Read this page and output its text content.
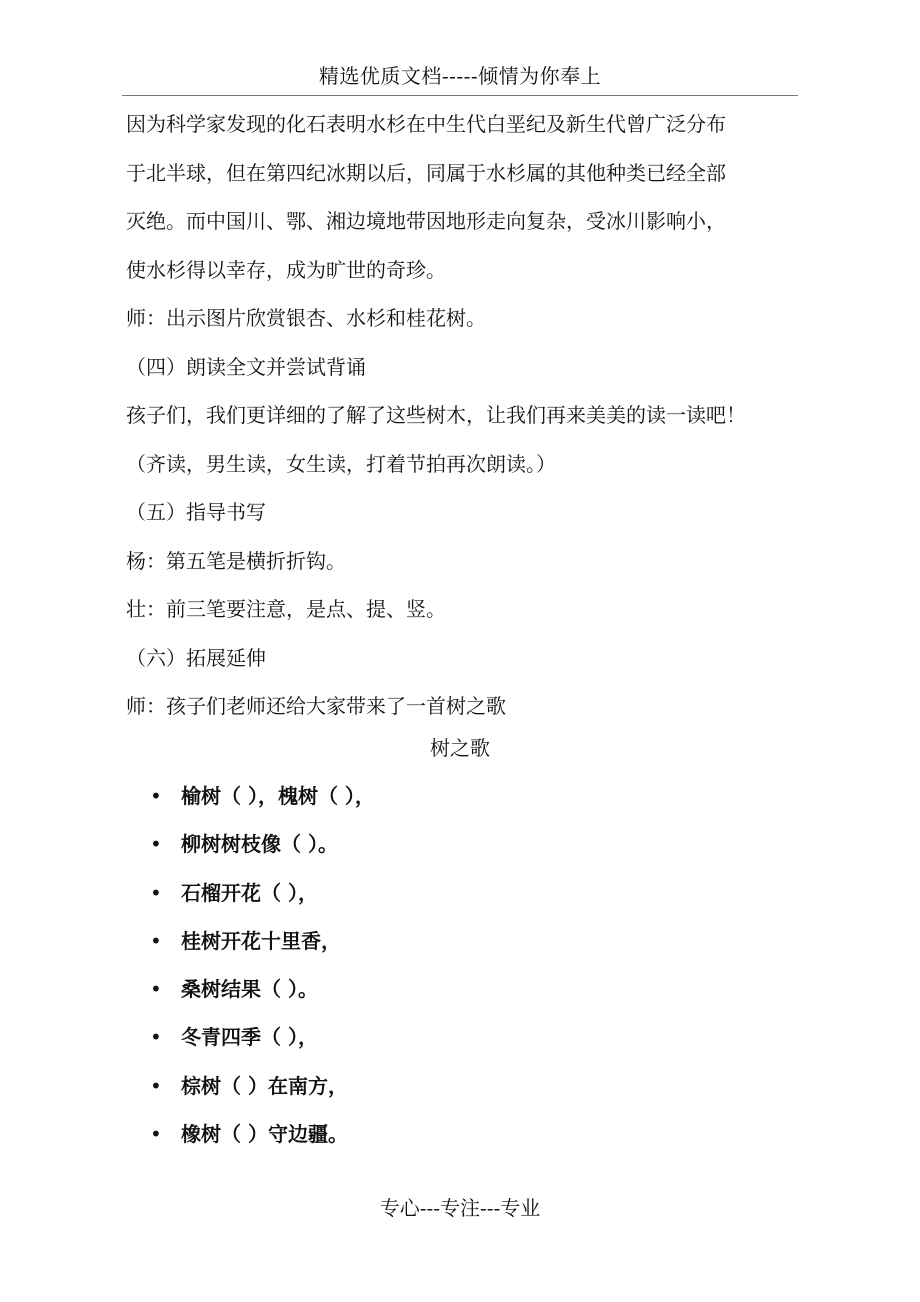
精选优质文档-----倾情为你奉上
因为科学家发现的化石表明水杉在中生代白垩纪及新生代曾广泛分布
于北半球，但在第四纪冰期以后，同属于水杉属的其他种类已经全部
灭绝。而中国川、鄂、湘边境地带因地形走向复杂，受冰川影响小，
使水杉得以幸存，成为旷世的奇珍。
师：出示图片欣赏银杏、水杉和桂花树。
（四）朗读全文并尝试背诵
孩子们，我们更详细的了解了这些树木，让我们再来美美的读一读吧！
（齐读，男生读，女生读，打着节拍再次朗读。）
（五）指导书写
杨：第五笔是横折折钩。
壮：前三笔要注意，是点、提、竖。
（六）拓展延伸
师：孩子们老师还给大家带来了一首树之歌
树之歌
• 榆树（ ），槐树（ ），
• 柳树树枝像（ ）。
• 石榴开花（ ），
• 桂树开花十里香，
• 桑树结果（ ）。
• 冬青四季（ ），
• 棕树（ ）在南方，
• 橡树（ ）守边疆。
专心---专注---专业
